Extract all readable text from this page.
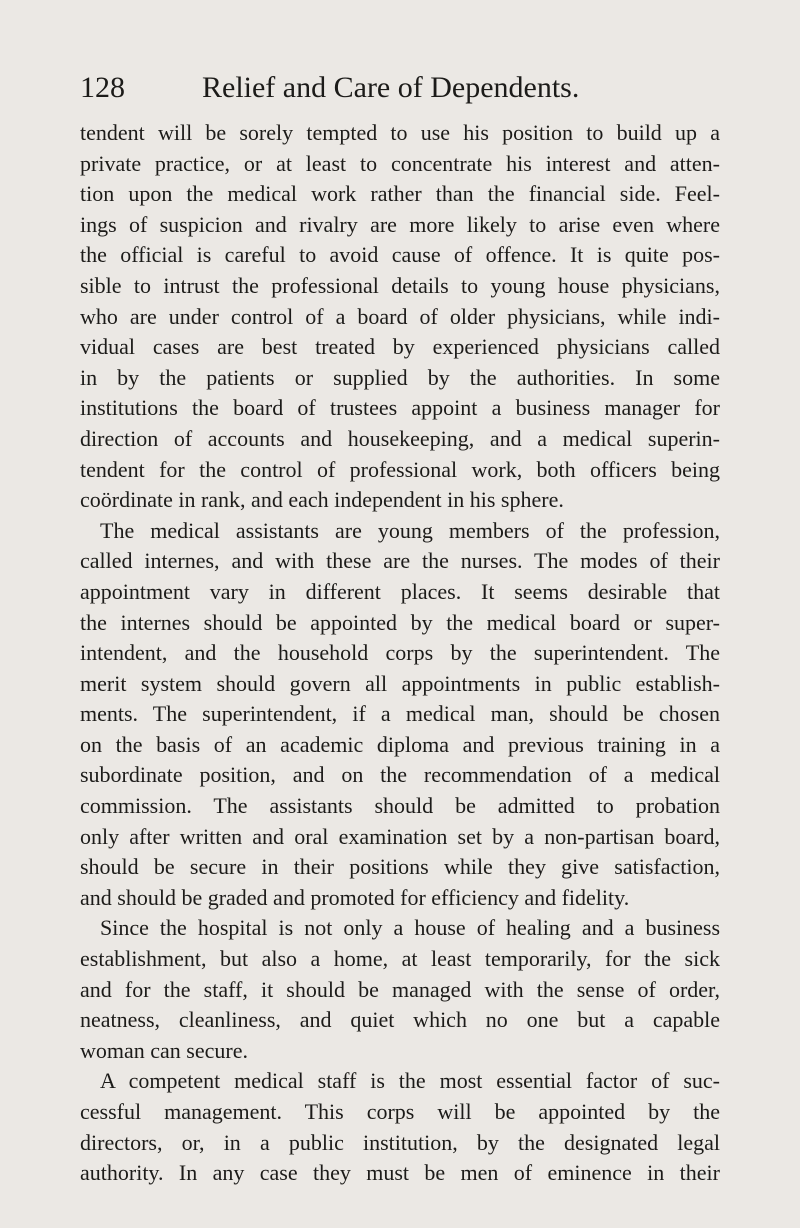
128	Relief and Care of Dependents.
tendent will be sorely tempted to use his position to build up a
private practice, or at least to concentrate his interest and atten-
tion upon the medical work rather than the financial side. Feel-
ings of suspicion and rivalry are more likely to arise even where
the official is careful to avoid cause of offence. It is quite pos-
sible to intrust the professional details to young house physicians,
who are under control of a board of older physicians, while indi-
vidual cases are best treated by experienced physicians called
in by the patients or supplied by the authorities. In some
institutions the board of trustees appoint a business manager for
direction of accounts and housekeeping, and a medical superin-
tendent for the control of professional work, both officers being
coördinate in rank, and each independent in his sphere.
The medical assistants are young members of the profession,
called internes, and with these are the nurses. The modes of their
appointment vary in different places. It seems desirable that
the internes should be appointed by the medical board or super-
intendent, and the household corps by the superintendent. The
merit system should govern all appointments in public establish-
ments. The superintendent, if a medical man, should be chosen
on the basis of an academic diploma and previous training in a
subordinate position, and on the recommendation of a medical
commission. The assistants should be admitted to probation
only after written and oral examination set by a non-partisan board,
should be secure in their positions while they give satisfaction,
and should be graded and promoted for efficiency and fidelity.
Since the hospital is not only a house of healing and a business
establishment, but also a home, at least temporarily, for the sick
and for the staff, it should be managed with the sense of order,
neatness, cleanliness, and quiet which no one but a capable
woman can secure.
A competent medical staff is the most essential factor of suc-
cessful management. This corps will be appointed by the
directors, or, in a public institution, by the designated legal
authority. In any case they must be men of eminence in their
